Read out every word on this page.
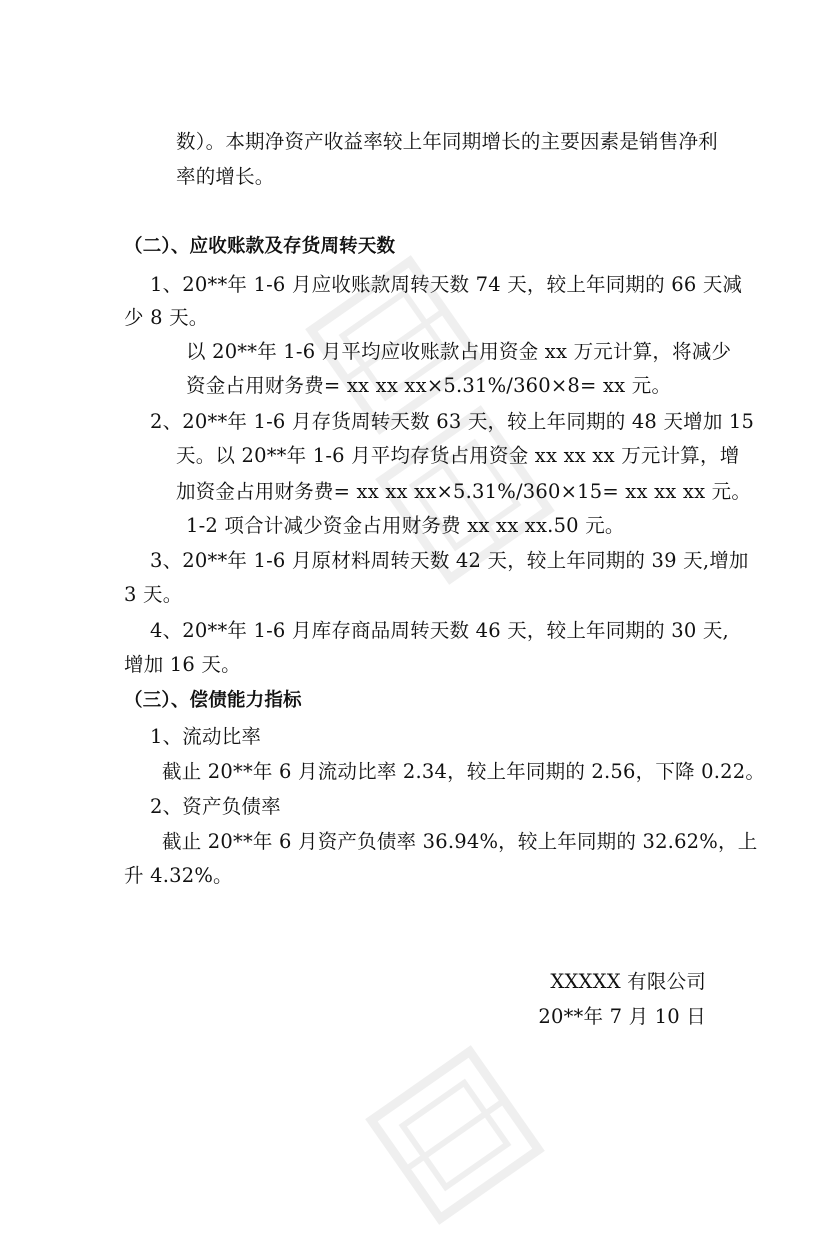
数）。本期净资产收益率较上年同期增长的主要因素是销售净利
率的增长。
（二）、应收账款及存货周转天数
1、20**年 1-6 月应收账款周转天数 74 天，较上年同期的 66 天减
少 8 天。
以 20**年 1-6 月平均应收账款占用资金 xx 万元计算，将减少
资金占用财务费= xx xx xx×5.31%/360×8= xx 元。
2、20**年 1-6 月存货周转天数 63 天，较上年同期的 48 天增加 15
天。以 20**年 1-6 月平均存货占用资金 xx xx xx 万元计算，增
加资金占用财务费= xx xx xx×5.31%/360×15= xx xx xx 元。
1-2 项合计减少资金占用财务费 xx xx xx.50 元。
3、20**年 1-6 月原材料周转天数 42 天，较上年同期的 39 天,增加
3 天。
4、20**年 1-6 月库存商品周转天数 46 天，较上年同期的 30 天,
增加 16 天。
（三）、偿债能力指标
1、流动比率
截止 20**年 6 月流动比率 2.34，较上年同期的 2.56，下降 0.22。
2、资产负债率
截止 20**年 6 月资产负债率 36.94%，较上年同期的 32.62%，上
升 4.32%。
XXXXX 有限公司
20**年 7 月 10 日
